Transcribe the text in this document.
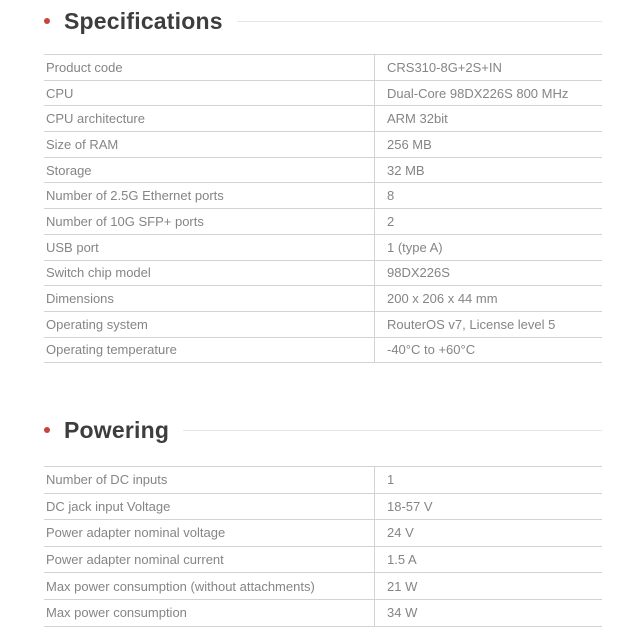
Specifications
Product code	CRS310-8G+2S+IN
CPU	Dual-Core 98DX226S 800 MHz
CPU architecture	ARM 32bit
Size of RAM	256 MB
Storage	32 MB
Number of 2.5G Ethernet ports	8
Number of 10G SFP+ ports	2
USB port	1 (type A)
Switch chip model	98DX226S
Dimensions	200 x 206 x 44 mm
Operating system	RouterOS v7, License level 5
Operating temperature	-40°C to +60°C
Powering
Number of DC inputs	1
DC jack input Voltage	18-57 V
Power adapter nominal voltage	24 V
Power adapter nominal current	1.5 A
Max power consumption (without attachments)	21 W
Max power consumption	34 W
